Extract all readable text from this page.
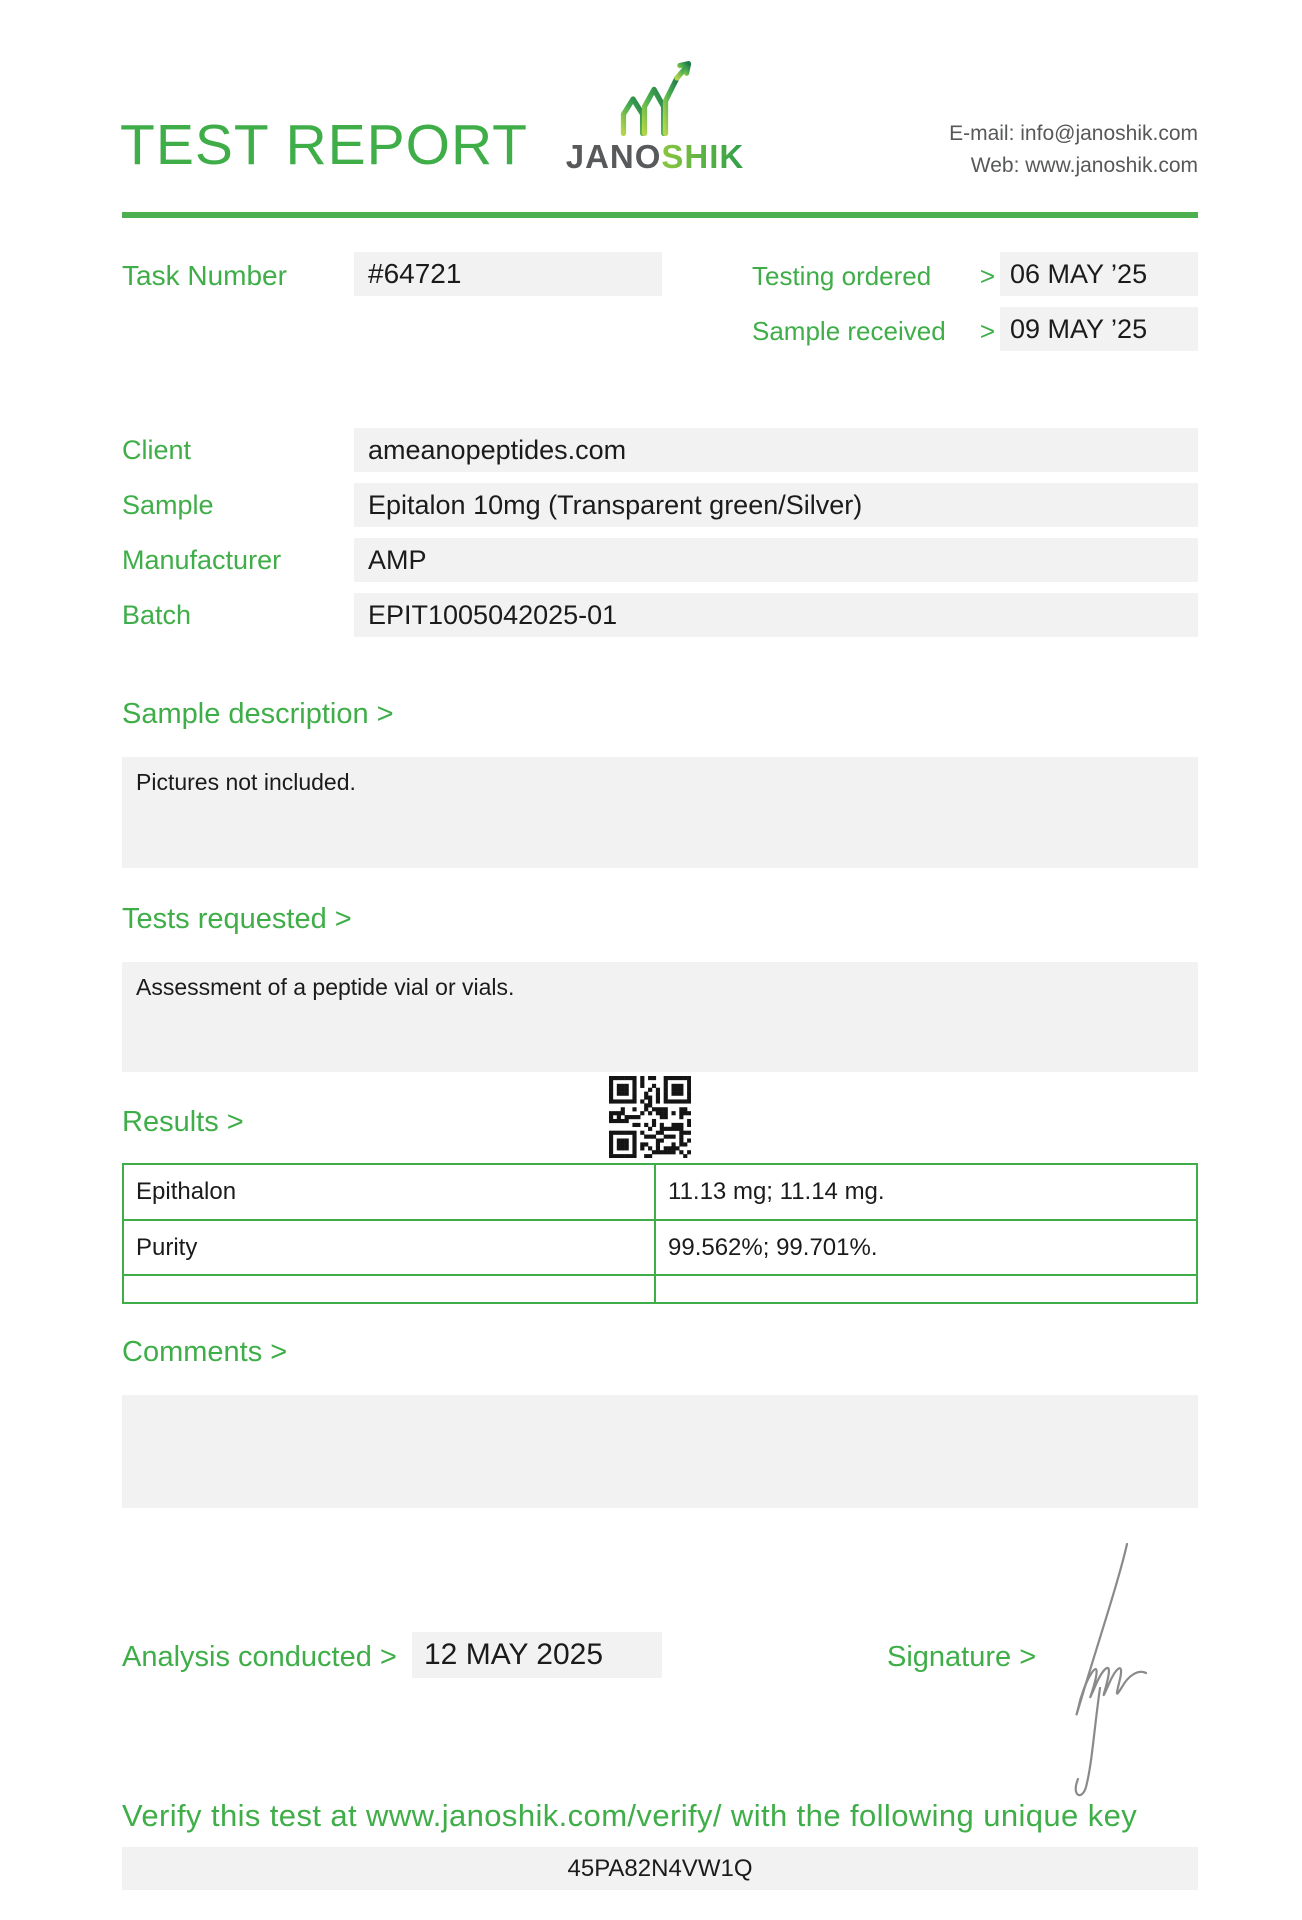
TEST REPORT JANOSHIK
E-mail: info@janoshik.com
Web: www.janoshik.com
Task Number	#64721	Testing ordered > 06 MAY ’25
Sample received > 09 MAY ’25
Client	ameanopeptides.com
Sample	Epitalon 10mg (Transparent green/Silver)
Manufacturer	AMP
Batch	EPIT1005042025-01
Sample description >
Pictures not included.
Tests requested >
Assessment of a peptide vial or vials.
Results >
Epithalon	11.13 mg; 11.14 mg.
Purity	99.562%; 99.701%.
Comments >
Analysis conducted > 12 MAY 2025	Signature >
Verify this test at www.janoshik.com/verify/ with the following unique key
45PA82N4VW1Q
